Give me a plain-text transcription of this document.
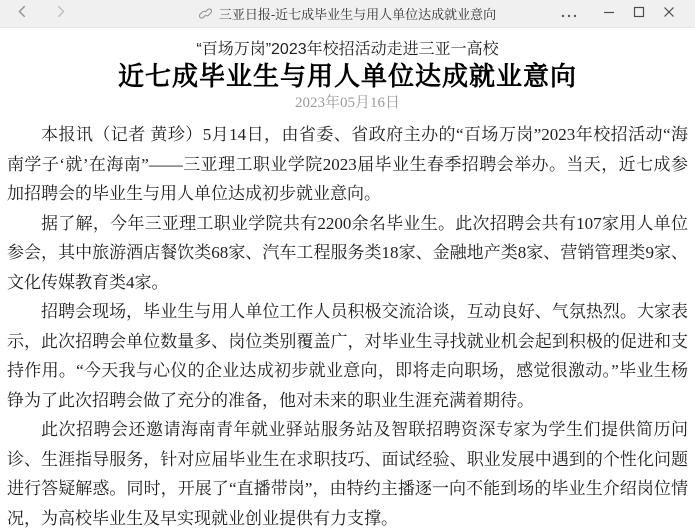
三亚日报-近七成毕业生与用人单位达成就业意向
“百场万岗”2023年校招活动走进三亚一高校
近七成毕业生与用人单位达成就业意向
2023年05月16日

本报讯（记者 黄珍）5月14日，由省委、省政府主办的“百场万岗”2023年校招活动“海南学子‘就’在海南”——三亚理工职业学院2023届毕业生春季招聘会举办。当天，近七成参加招聘会的毕业生与用人单位达成初步就业意向。

据了解，今年三亚理工职业学院共有2200余名毕业生。此次招聘会共有107家用人单位参会，其中旅游酒店餐饮类68家、汽车工程服务类18家、金融地产类8家、营销管理类9家、文化传媒教育类4家。

招聘会现场，毕业生与用人单位工作人员积极交流洽谈，互动良好、气氛热烈。大家表示，此次招聘会单位数量多、岗位类别覆盖广，对毕业生寻找就业机会起到积极的促进和支持作用。“今天我与心仪的企业达成初步就业意向，即将走向职场，感觉很激动。”毕业生杨铮为了此次招聘会做了充分的准备，他对未来的职业生涯充满着期待。

此次招聘会还邀请海南青年就业驿站服务站及智联招聘资深专家为学生们提供简历问诊、生涯指导服务，针对应届毕业生在求职技巧、面试经验、职业发展中遇到的个性化问题进行答疑解惑。同时，开展了“直播带岗”，由特约主播逐一向不能到场的毕业生介绍岗位情况，为高校毕业生及早实现就业创业提供有力支撑。
